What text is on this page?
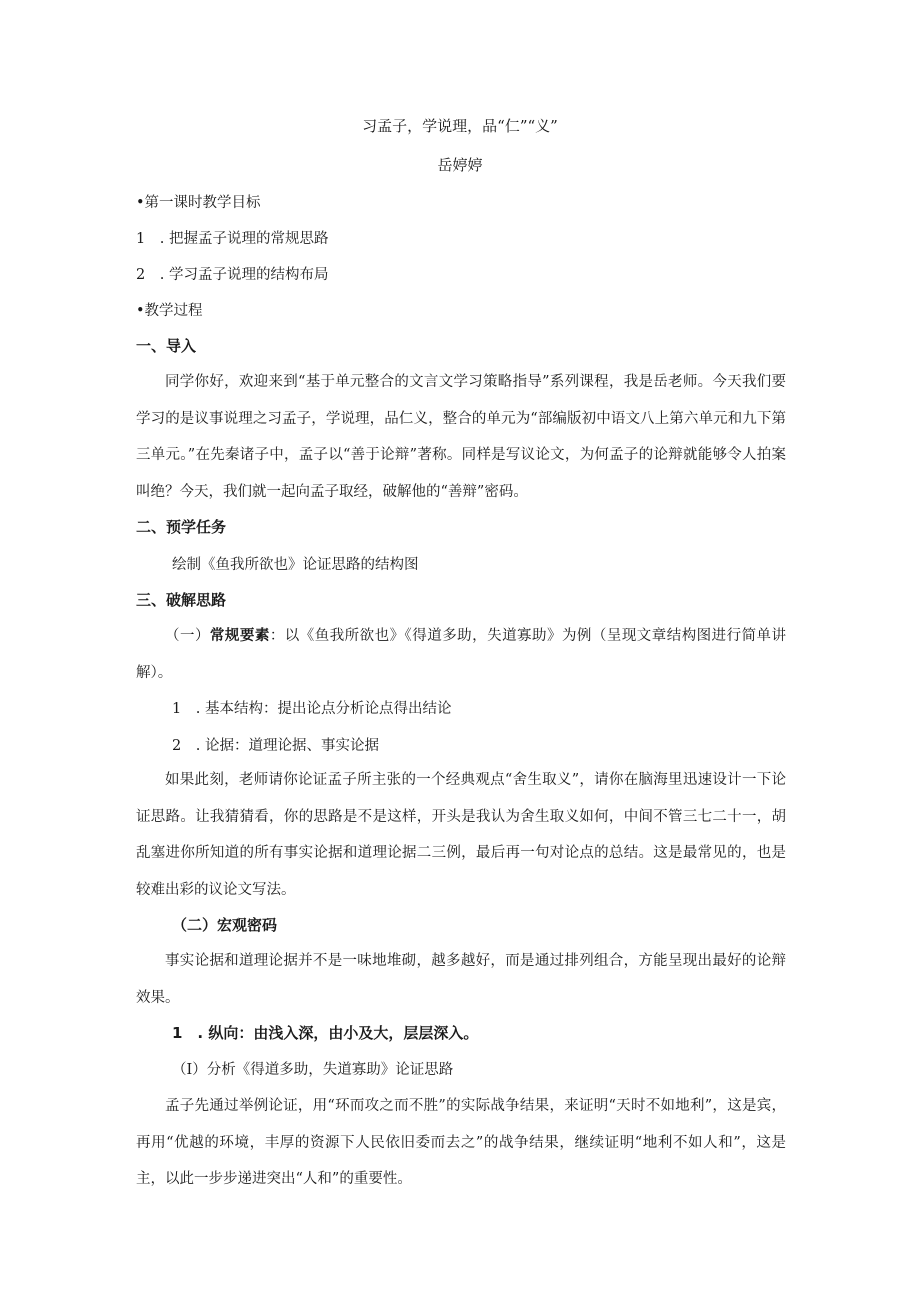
习孟子，学说理，品“仁”“义”
岳婷婷
•第一课时教学目标
1　. 把握孟子说理的常规思路
2　. 学习孟子说理的结构布局
•教学过程
一、导入
同学你好，欢迎来到“基于单元整合的文言文学习策略指导”系列课程，我是岳老师。今天我们要学习的是议事说理之习孟子，学说理，品仁义，整合的单元为“部编版初中语文八上第六单元和九下第三单元。”在先秦诸子中，孟子以“善于论辩”著称。同样是写议论文，为何孟子的论辩就能够令人拍案叫绝？今天，我们就一起向孟子取经，破解他的“善辩”密码。
二、预学任务
绘制《鱼我所欲也》论证思路的结构图
三、破解思路
（一）常规要素：以《鱼我所欲也》《得道多助，失道寡助》为例（呈现文章结构图进行简单讲解）。
1　. 基本结构：提出论点分析论点得出结论
2　. 论据：道理论据、事实论据
如果此刻，老师请你论证孟子所主张的一个经典观点“舍生取义”，请你在脑海里迅速设计一下论证思路。让我猜猜看，你的思路是不是这样，开头是我认为舍生取义如何，中间不管三七二十一，胡乱塞进你所知道的所有事实论据和道理论据二三例，最后再一句对论点的总结。这是最常见的，也是较难出彩的议论文写法。
（二）宏观密码
事实论据和道理论据并不是一味地堆砌，越多越好，而是通过排列组合，方能呈现出最好的论辩效果。
1　. 纵向：由浅入深，由小及大，层层深入。
（I）分析《得道多助，失道寡助》论证思路
孟子先通过举例论证，用“环而攻之而不胜”的实际战争结果，来证明“天时不如地利”，这是宾，再用“优越的环境，丰厚的资源下人民依旧委而去之”的战争结果，继续证明“地利不如人和”，这是主，以此一步步递进突出“人和”的重要性。
